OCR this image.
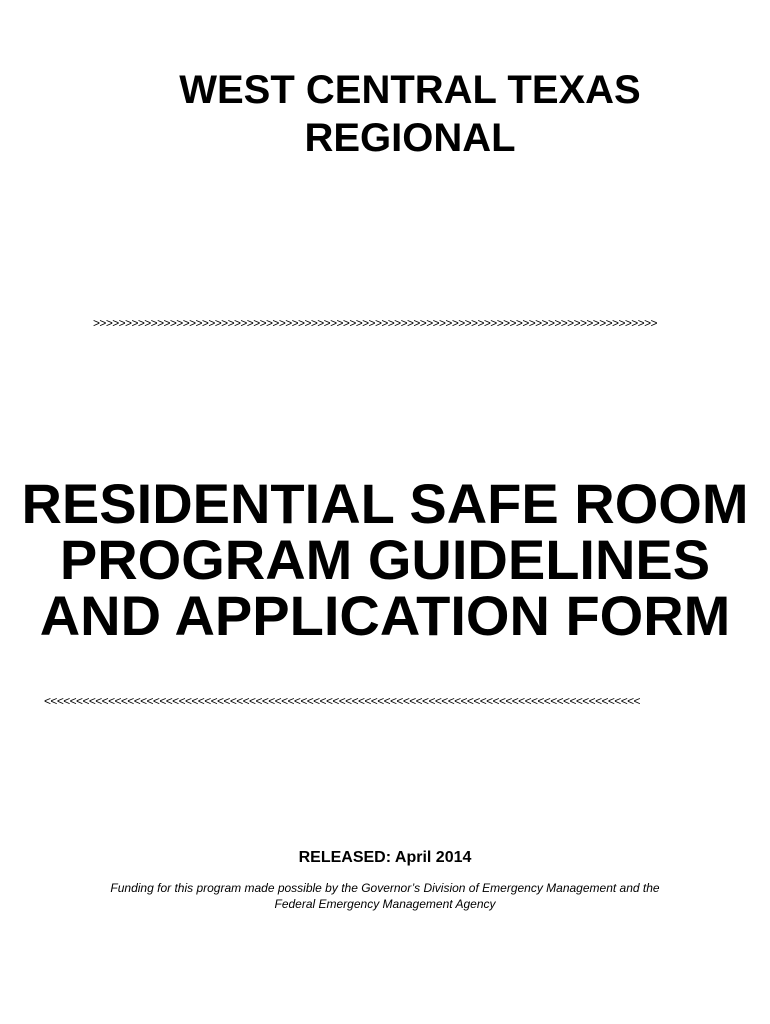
WEST CENTRAL TEXAS
REGIONAL
>>>>>>>>>>>>>>>>>>>>>>>>>>>>>>>>>>>>>>>>>>>>>>>>>>>>>>>>>>>>>>>>>>>>>>>>>>>>>>>>>>>>>>>>
RESIDENTIAL SAFE ROOM
PROGRAM GUIDELINES
AND APPLICATION FORM
<<<<<<<<<<<<<<<<<<<<<<<<<<<<<<<<<<<<<<<<<<<<<<<<<<<<<<<<<<<<<<<<<<<<<<<<<<<<<<<<<<<<<<<<<<<<<
RELEASED: April 2014
Funding for this program made possible by the Governor’s Division of Emergency Management and the
Federal Emergency Management Agency
